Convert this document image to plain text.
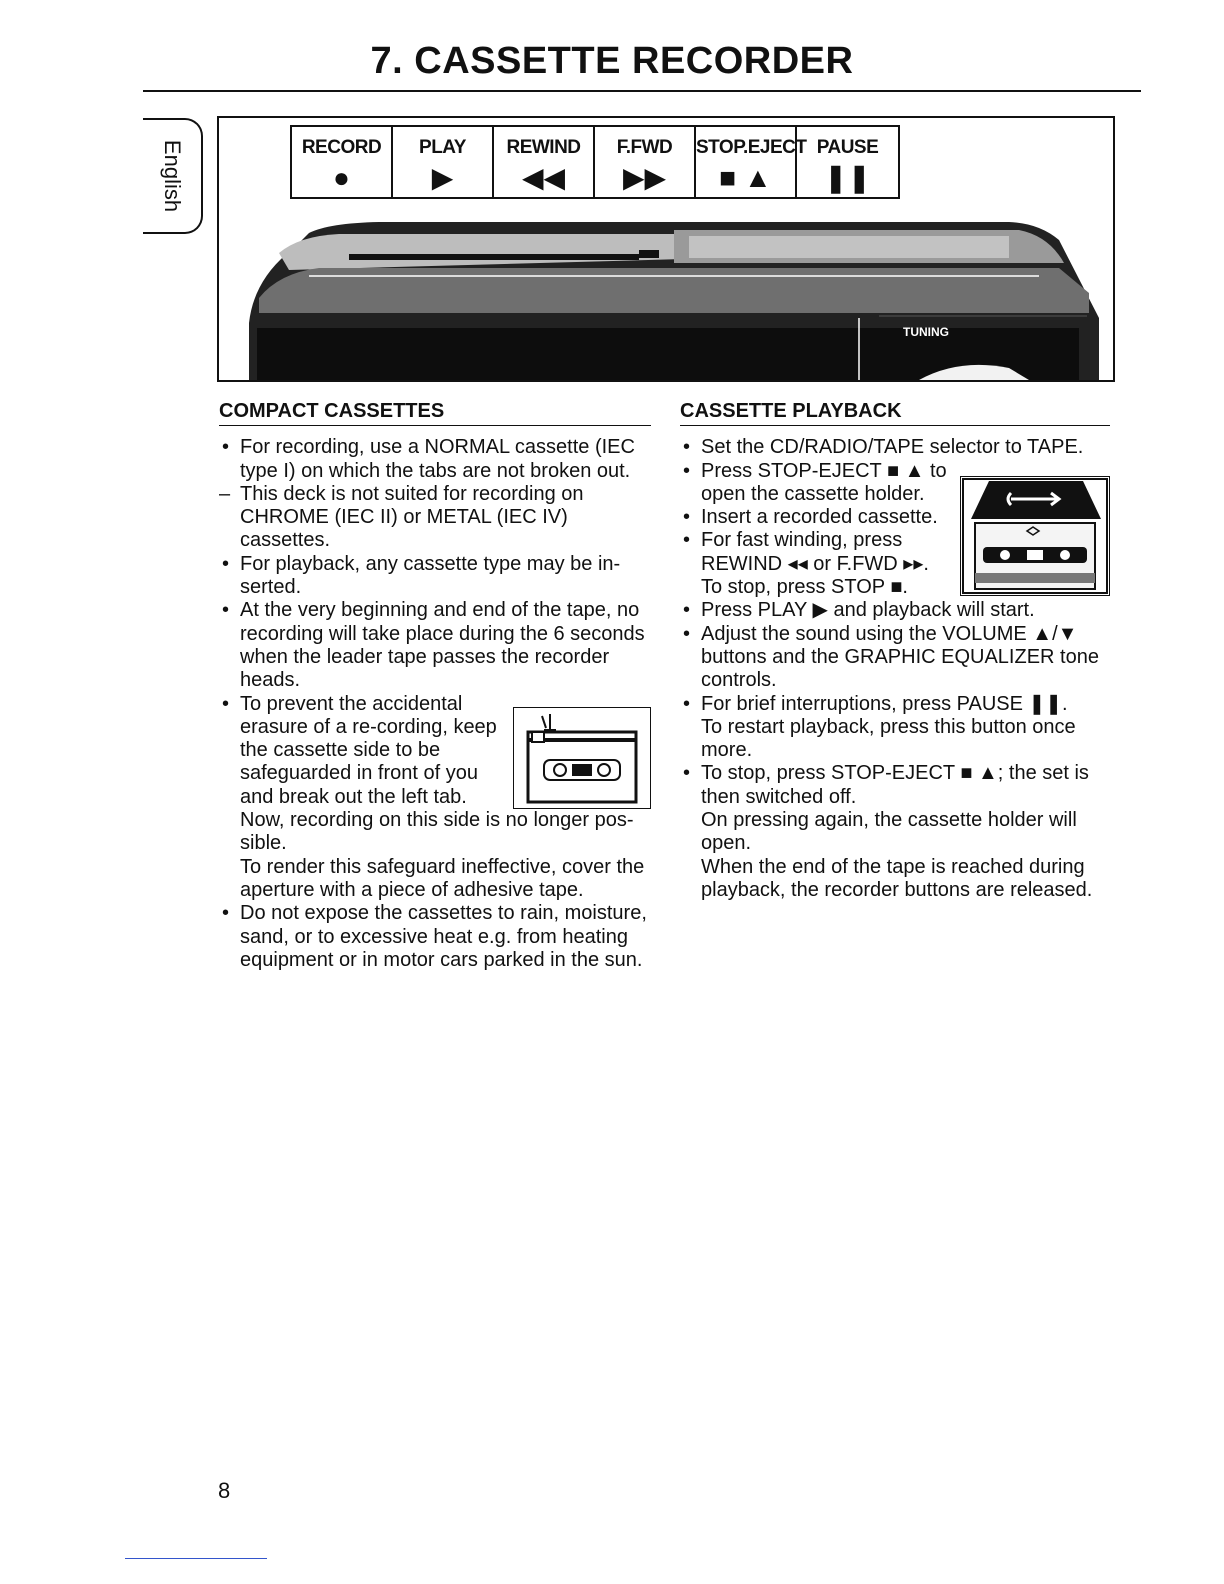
7. CASSETTE RECORDER
English	RECORD
●
PLAY
▶
REWIND
◀◀
F.FWD
▶▶
STOP.EJECT
■ ▲
PAUSE
❚❚
TUNING
COMPACT CASSETTES
• For recording, use a NORMAL cassette (IEC type I) on which the tabs are not broken out.
– This deck is not suited for recording on CHROME (IEC II) or METAL (IEC IV) cassettes.
• For playback, any cassette type may be in-serted.
• At the very beginning and end of the tape, no recording will take place during the 6 seconds when the leader tape passes the recorder heads.
• To prevent the accidental erasure of a re-cording, keep the cassette side to be safeguarded in front of you and break out the left tab. Now, recording on this side is no longer pos-sible.
To render this safeguard ineffective, cover the aperture with a piece of adhesive tape.
• Do not expose the cassettes to rain, moisture, sand, or to excessive heat e.g. from heating equipment or in motor cars parked in the sun.
CASSETTE PLAYBACK
• Set the CD/RADIO/TAPE selector to TAPE.
• Press STOP-EJECT ■ ▲ to open the cassette holder.
• Insert a recorded cassette.
• For fast winding, press REWIND ◂◂ or F.FWD ▸▸.
To stop, press STOP ■.
• Press PLAY ▶ and playback will start.
• Adjust the sound using the VOLUME ▲/▼ buttons and the GRAPHIC EQUALIZER tone controls.
• For brief interruptions, press PAUSE ❚❚.
To restart playback, press this button once more.
• To stop, press STOP-EJECT ■ ▲; the set is then switched off.
On pressing again, the cassette holder will open.
When the end of the tape is reached during playback, the recorder buttons are released.
8
